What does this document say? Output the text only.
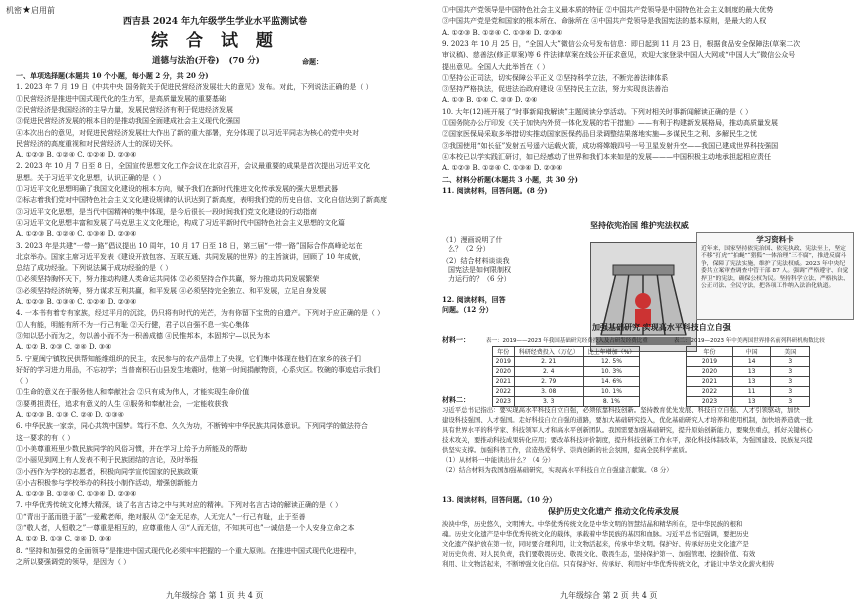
机密★启用前
西吉县 2024 年九年级学生学业水平监测试卷
综 合 试 题
道德与法治(开卷) (70 分)	命题：
一、单项选择题(本题共 10 个小题，每小题 2 分，共 20 分)
1. 2023 年 7 月 19 日《中共中央 国务院关于促进民营经济发展壮大的意见》发布。对此，下列说法正确的是（ ）
①民营经济是推进中国式现代化的生力军，是高质量发展的重要基础
②民营经济是我国经济的主导力量，发展民营经济有利于促进经济发展
③促进民营经济发展的根本目的是推动我国全面建成社会主义现代化强国
④本次出台的意见，对促进民营经济发展壮大作出了新的重大部署，充分体现了以习近平同志为核心的党中央对
民营经济的高度重视和对民营经济人士的深切关怀。
A. ①②③ B. ①②④ C. ①②④ D. ②③④
2. 2023 年 10 月 7 日至 8 日，全国宣传思想文化工作会议在北京召开，会议最重要的成果是首次提出习近平文化
思想。关于习近平文化思想，认识正确的是（ ）
①习近平文化思想明确了我国文化建设的根本方向，赋予我们在新时代推进文化传承发展的强大思想武器
②标志着我们党对中国特色社会主义文化建设规律的认识达到了新高度，表明我们党的历史自信、文化自信达到了新高度
③习近平文化思想，是当代中国精神的集中体现，是今后很长一段时间我们党文化建设的行动指南
④习近平文化思想丰富和发展了马克思主义文化理论，构成了习近平新时代中国特色社会主义思想的文化篇
A. ①②③ B. ①②④ C. ①③④ D. ②③④
3. 2023 年是共建“一带一路”倡议提出 10 周年，10 月 17 日至 18 日，第三届“一带一路”国际合作高峰论坛在
北京举办。国家主席习近平发表《建设开放包容、互联互通、共同发展的世界》的主旨演讲，回顾了 10 年成就，
总结了成功经验。下列说法属于成功经验的是（ ）
①必须坚持胸怀天下，努力推动构建人类命运共同体 ②必须坚持合作共赢，努力推动共同发展繁荣
③必须坚持经济统筹，努力谋求互利共赢，和平发展 ④必须坚持完全独立、和平发展，立足自身发展
A. ①②③ B. ①③④ C. ①②④ D. ②③④
4. 一本书有着专有家族，经过平月的沉淀，仍只将有时代的光芒，为有你留下宝贵的自遗产。下列对于应正确的是（ ）
①人有能，明能有所不为一行己有耻 ②天行健，君子以自强不息一实心集体
③知以恶小而为之，勿以善小而不为一积善成德 ④民惟邦本，本固邦宁—以民为本
A. ①② B. ②③ C. ②④ D. ③④
5. 宁夏闽宁镇牧民供帮知能维组织的民主，农民参与的农产品带上了央视，它们集中体现在他们在家乡的孩子们
好好的学习进力用品，不忘初学；当普南积石山县发生地震时，他第一时间捐献物资，心系灾区。牧碗的事迹启示我们
（ ）
①生命的意义在于服务他人和奉献社会 ②只有成为伟人，才能实现生命价值
③要勇担责任，追求有意义的人生 ④服务和奉献社会，一定能收获我
A. ①②③ B. ①③ C. ②④ D. ①③④
6. 中华民族一家亲，同心共筑中国梦。笃行不怠、久久为功，不断铸牢中华民族共同体意识。下列同学的做法符合
这一要求的有（ ）
①小美尊重班里少数民族同学的风俗习惯，并在学习上给予力所能及的帮助
②小丽见到网上有人发表不利于民族团结的言论，及时举报
③小西作为学校的志愿者，积极向同学宣传国家的民族政策
④小吉积极参与学校举办的科技小制作活动，增强创新能力
A. ①②③ B. ①②④ C. ①③④ D. ②③④
7. 中华优秀传统文化博大精深，谈了名言古诗之中与其对应的精神。下列对名言古诗的解读正确的是（ ）
①“青出于蓝而胜于蓝”一爱戴老师，绝对服从 ②“金无足赤，人无完人”一行己有耻，止于至善
③“敬人者，人恒敬之”一尊重是相互的，应尊重他人 ④“人而无信，不知其可也”一诚信是一个人安身立命之本
A. ①② B. ①③ C. ②④ D. ③④
8. “坚持和加强党的全面领导”是推进中国式现代化必须牢牢把握的一个重大原则。在推进中国式现代化进程中，
之所以要强调党的领导，是因为（ ）
九年级综合 第 1 页 共 4 页
①中国共产党领导是中国特色社会主义最本质的特征 ②中国共产党领导是中国特色社会主义制度的最大优势
③中国共产党是党和国家的根本所在、命脉所在 ④中国共产党领导是我国宪法的基本原则，是最大的人权
A. ①②③ B. ①②④ C. ①③④ D. ②③④
9. 2023 年 10 月 25 日，“全国人大”微信公众号发布信息：即日起到 11 月 23 日，根据食品安全保障法(草案二次
审议稿)、慈善法(修正草案)等 6 件法律草案在线公开征求意见，欢迎大家登录中国人大网或“中国人大”微信公众号
提出意见。全国人大此举旨在（ ）
①坚持公正司法，切实保障公平正义 ②坚持科学立法，不断完善法律体系
③坚持严格执法，促进法治政府建设 ④坚持民主立法，努力实现良法善治
A. ①③ B. ①④ C. ②③ D. ②④
10. 大年(12)班开展了“时事新闻我解读”主题阅读分享活动。下列对相关时事新闻解读正确的是（ ）
①国务院办公厅印发《关于加快内外贸一体化发展的若干措施》——有利于构建新发展格局，推动高质量发展
②国家医保局采取多举措切实推动国家医保药品目录调整结果落地实施—多谋民生之利、多解民生之忧
③我国使用“如长征”发射五号遥六运载火箭，成功将嫦娥四号一号卫星发射升空——我国已建成世界科技强国
④本校已以学实践汇研讨，如已经感动了世界和我们本来如是的发展———中国积极主动地承担起相应责任
A. ①②③ B. ①②④ C. ①③④ D. ②③④
二、材料分析题(本题共 3 小题，共 30 分)
11. 阅读材料，回答问题。(8 分)
坚持依宪治国 维护宪法权威
（1）漫画说明了什
么？（2 分）
（2）结合材料谈谈我
国宪法是如何限制权
力运行的？（6 分）
学习资料卡
近年来，国家坚持依宪治国、依宪执政、宪法至上，坚定不移“打虎”“拍蝇”“猎狐”一体治理“三不腐”，推进反腐斗争，保障了宪法实施，维护了宪法权威。2023 年中央纪委共立案审查调查中管干部 87 人。强调“严格遵守、自觉捍卫”的宪法，确保公权为民。坚持科学立法、严格执法、公正司法、全民守法，把各项工作纳入法治化轨道。
12. 阅读材料，回答
问题。（12 分）
加强基础研究 实现高水平科技自立自强
材料一：	表一：2019——2023 年我国基础研究经费投入及占研发经费比重
年份	科研经费投入（万亿）	比上年增加（%）
2019	2. 21	12. 5%
2020	2. 4	10. 3%
2021	2. 79	14. 6%
2022	3. 08	10. 1%
2023	3. 3	8. 1%
表二：2019—2023 年中美两国世界排名前列科研机构数比较
年份	中国	美国
2019	14	3
2020	13	3
2021	13	3
2022	11	3
2023	13	3
材料二：
习近平总书记指出：要实现高水平科技自立自强，必须依靠科技创新。坚持教育优先发展、科技自立自强、人才引领驱动，加快
建设科技强国、人才强国。走好科技自立自强的道路，要加大基础研究投入，优化基础研究人才培养和使用机制，加快培养造就一批
具有世界水平的科学家、科技领军人才和高水平创新团队。我国需要加强基础研究，提升原始创新能力，要聚焦重点，抓好关键核心
技术攻关，要推动科技成果转化应用；要改革科技评价制度，提升科技创新工作水平，深化科技体制改革，为强国建设、民族复兴提
供坚实支撑。加强科普工作，营造热爱科学、崇尚创新的社会氛围，提高全民科学素质。
（1）从材料一中能读出什么？（4 分）
（2）结合材料为我国加强基础研究，实现高水平科技自立自强建言献策。（8 分）
13. 阅读材料，回答问题。（10 分）
保护历史文化遗产 推动文化传承发展
泱泱中华，历史悠久，文明博大。中华优秀传统文化是中华文明的智慧结晶和精华所在，是中华民族的根和
魂。历史文化遗产是中华优秀传统文化的载体，承载着中华民族的基因和血脉。习近平总书记强调，要把历史
文化遗产保护放在第一位，同时要合理利用，让文物活起来，传承中华文明。保护好、传承好历史文化遗产是
对历史负责、对人民负责，我们要敬畏历史、敬畏文化、敬畏生态，坚持保护第一、加强管理、挖掘价值、有效
利用、让文物活起来，不断增强文化自信。只有保护好、传承好、利用好中华优秀传统文化，才能让中华文化薪火相传
九年级综合 第 2 页 共 4 页
